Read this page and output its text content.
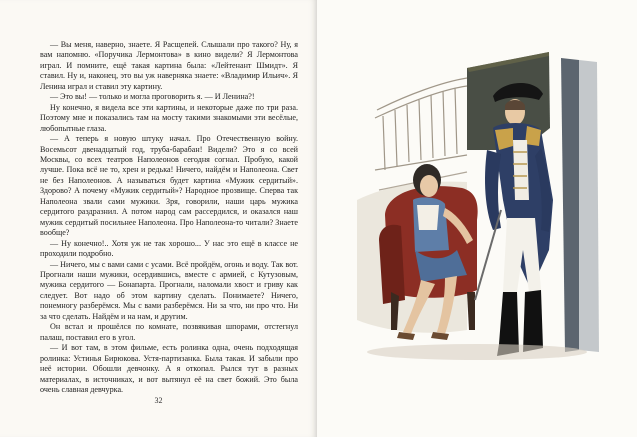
— Вы меня, наверно, знаете. Я Расщепей. Слышали про такого? Ну, я вам напомню. «Поручика Лермонтова» в кино видели? Я Лермонтова играл. И помните, ещё такая картина была: «Лейтенант Шмидт». Я ставил. Ну и, наконец, это вы уж наверняка знаете: «Владимир Ильич». Я Ленина играл и ставил эту картину.

— Это вы! — только и могла проговорить я. — И Ленина?!

Ну конечно, я видела все эти картины, и некоторые даже по три раза. Поэтому мне и показались там на мосту такими знакомыми эти весёлые, любопытные глаза.

— А теперь я новую штуку начал. Про Отечественную войну. Восемьсот двенадцатый год, труба-барабан! Видели? Это я со всей Москвы, со всех театров Наполеонов сегодня согнал. Пробую, какой лучше. Пока всё не то, хрен и редька! Ничего, найдём и Наполеона. Свет не без Наполеонов. А называться будет картина «Мужик сердитый». Здорово? А почему «Мужик сердитый»? Народное прозвище. Сперва так Наполеона звали сами мужики. Зря, говорили, наши царь мужика сердитого раздразнил. А потом народ сам рассердился, и оказался наш мужик сердитый посильнее Наполеона. Про Наполеона-то читали? Знаете вообще?

— Ну конечно!.. Хотя уж не так хорошо... У нас это ещё в классе не проходили подробно.

— Ничего, мы с вами сами с усами. Всё пройдём, огонь и воду. Так вот. Прогнали наши мужики, осердившись, вместе с армией, с Кутузовым, мужика сердитого — Бонапарта. Прогнали, наломали хвост и гриву как следует. Вот надо об этом картину сделать. Понимаете? Ничего, понемногу разберёмся. Мы с вами разберёмся. Ни за что, ни про что. Ни за что сделать. Найдём и на нам, и другим.

Он встал и прошёлся по комнате, позвякивая шпорами, отстегнул палаш, поставил его в угол.

— И вот там, в этом фильме, есть ролинка одна, очень подходящая ролинка: Устинья Бирюкова. Устя-партизанка. Была такая. И забыли про неё истории. Обошли девчонку. А я откопал. Рылся тут в разных материалах, в источниках, и вот вытянул её на свет божий. Это была очень славная девчурка.

32
